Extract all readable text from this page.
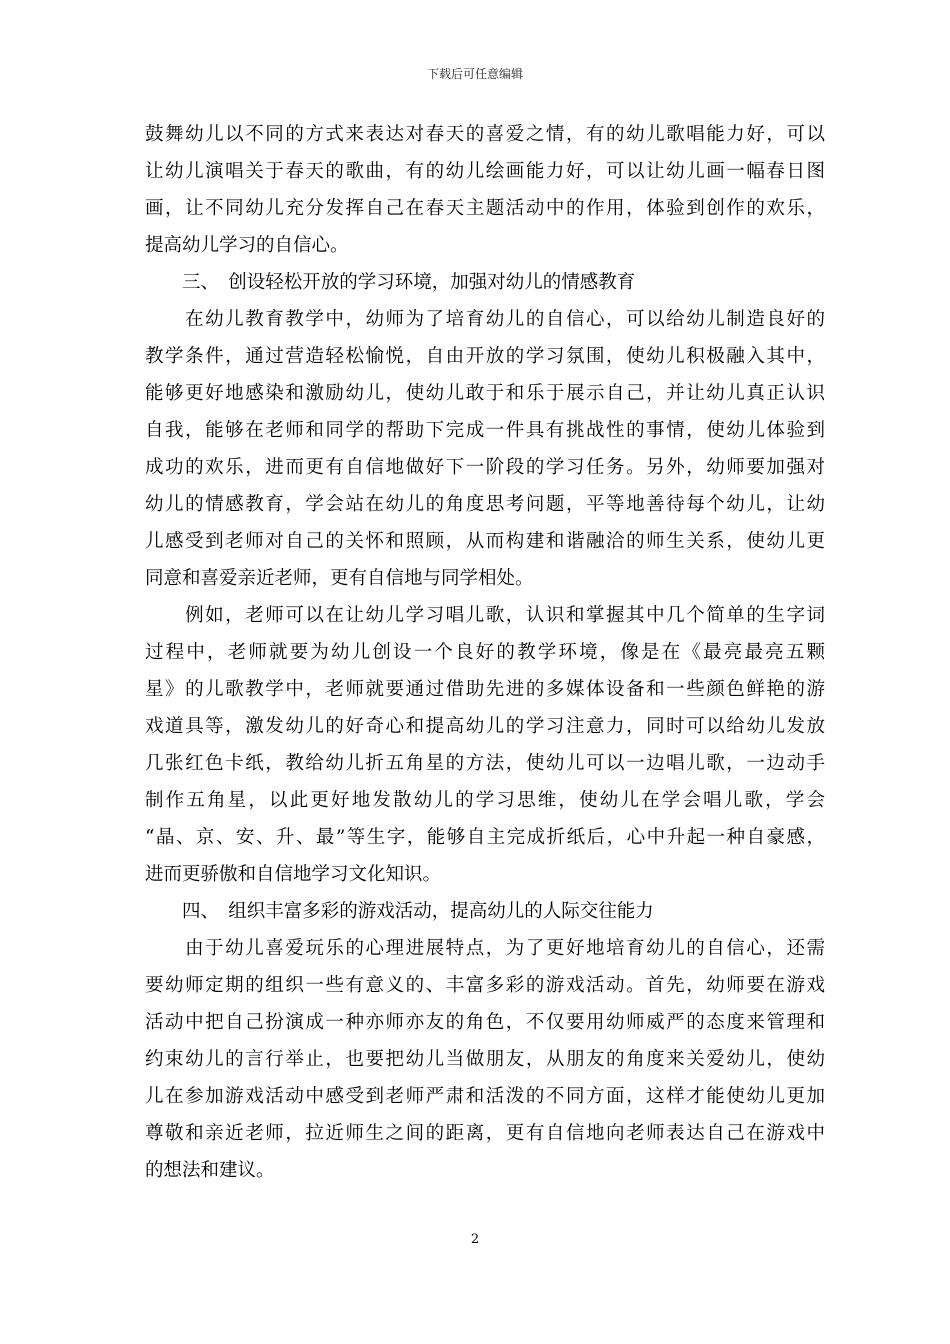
下载后可任意编辑
鼓舞幼儿以不同的方式来表达对春天的喜爱之情，有的幼儿歌唱能力好，可以
让幼儿演唱关于春天的歌曲，有的幼儿绘画能力好，可以让幼儿画一幅春日图
画，让不同幼儿充分发挥自己在春天主题活动中的作用，体验到创作的欢乐，
提高幼儿学习的自信心。
　　三、　创设轻松开放的学习环境，加强对幼儿的情感教育
　　在幼儿教育教学中，幼师为了培育幼儿的自信心，可以给幼儿制造良好的
教学条件，通过营造轻松愉悦，自由开放的学习氛围，使幼儿积极融入其中，
能够更好地感染和激励幼儿，使幼儿敢于和乐于展示自己，并让幼儿真正认识
自我，能够在老师和同学的帮助下完成一件具有挑战性的事情，使幼儿体验到
成功的欢乐，进而更有自信地做好下一阶段的学习任务。另外，幼师要加强对
幼儿的情感教育，学会站在幼儿的角度思考问题，平等地善待每个幼儿，让幼
儿感受到老师对自己的关怀和照顾，从而构建和谐融洽的师生关系，使幼儿更
同意和喜爱亲近老师，更有自信地与同学相处。
　　例如，老师可以在让幼儿学习唱儿歌，认识和掌握其中几个简单的生字词
过程中，老师就要为幼儿创设一个良好的教学环境，像是在《最亮最亮五颗
星》的儿歌教学中，老师就要通过借助先进的多媒体设备和一些颜色鲜艳的游
戏道具等，激发幼儿的好奇心和提高幼儿的学习注意力，同时可以给幼儿发放
几张红色卡纸，教给幼儿折五角星的方法，使幼儿可以一边唱儿歌，一边动手
制作五角星，以此更好地发散幼儿的学习思维，使幼儿在学会唱儿歌，学会
“晶、京、安、升、最”等生字，能够自主完成折纸后，心中升起一种自豪感，
进而更骄傲和自信地学习文化知识。
　　四、　组织丰富多彩的游戏活动，提高幼儿的人际交往能力
　　由于幼儿喜爱玩乐的心理进展特点，为了更好地培育幼儿的自信心，还需
要幼师定期的组织一些有意义的、丰富多彩的游戏活动。首先，幼师要在游戏
活动中把自己扮演成一种亦师亦友的角色，不仅要用幼师威严的态度来管理和
约束幼儿的言行举止，也要把幼儿当做朋友，从朋友的角度来关爱幼儿，使幼
儿在参加游戏活动中感受到老师严肃和活泼的不同方面，这样才能使幼儿更加
尊敬和亲近老师，拉近师生之间的距离，更有自信地向老师表达自己在游戏中
的想法和建议。
2
